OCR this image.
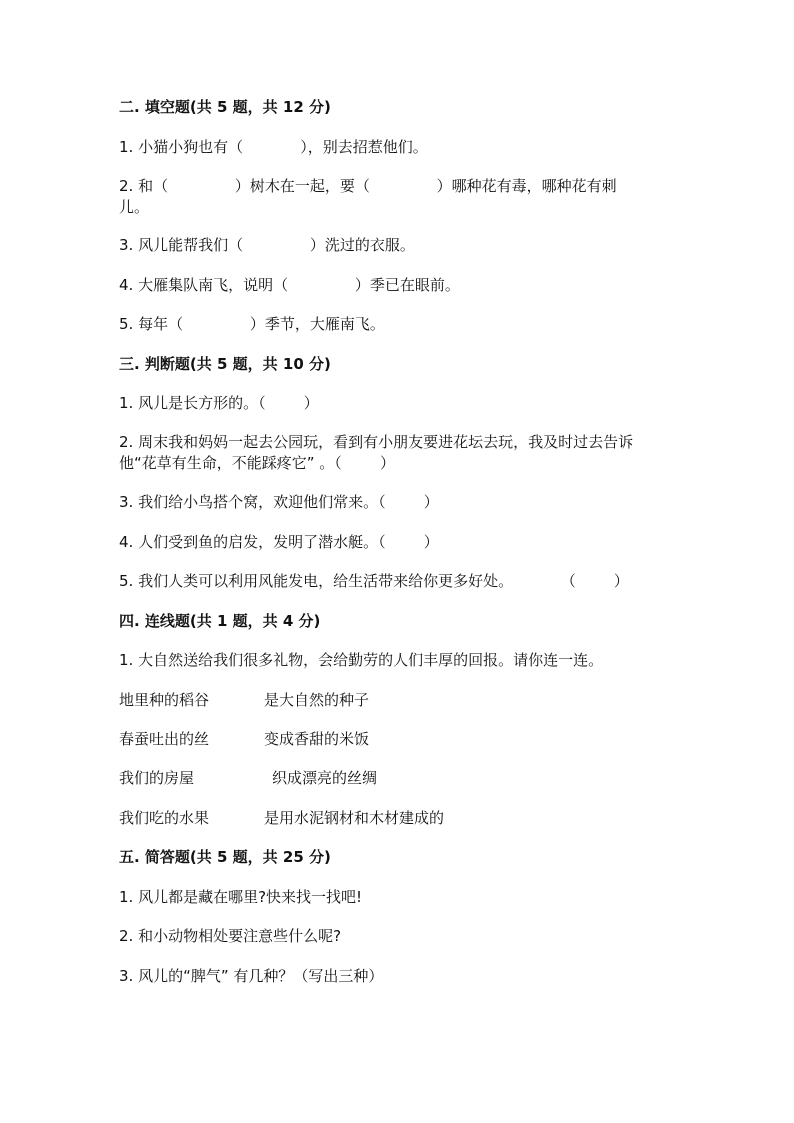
二. 填空题(共 5 题，共 12 分)
1. 小猫小狗也有（            ），别去招惹他们。
2. 和（              ）树木在一起，要（              ）哪种花有毒，哪种花有刺
儿。
3. 风儿能帮我们（              ）洗过的衣服。
4. 大雁集队南飞，说明（              ）季已在眼前。
5. 每年（              ）季节，大雁南飞。
三. 判断题(共 5 题，共 10 分)
1. 风儿是长方形的。（        ）
2. 周末我和妈妈一起去公园玩，看到有小朋友要进花坛去玩，我及时过去告诉
他“花草有生命，不能踩疼它” 。（        ）
3. 我们给小鸟搭个窝，欢迎他们常来。（        ）
4. 人们受到鱼的启发，发明了潜水艇。（        ）
5. 我们人类可以利用风能发电，给生活带来给你更多好处。          （        ）
四. 连线题(共 1 题，共 4 分)
1. 大自然送给我们很多礼物，会给勤劳的人们丰厚的回报。请你连一连。
地里种的稻谷	是大自然的种子
春蚕吐出的丝	变成香甜的米饭
我们的房屋	织成漂亮的丝绸
我们吃的水果	是用水泥钢材和木材建成的
五. 简答题(共 5 题，共 25 分)
1. 风儿都是藏在哪里?快来找一找吧!
2. 和小动物相处要注意些什么呢?
3. 风儿的“脾气” 有几种？（写出三种）
